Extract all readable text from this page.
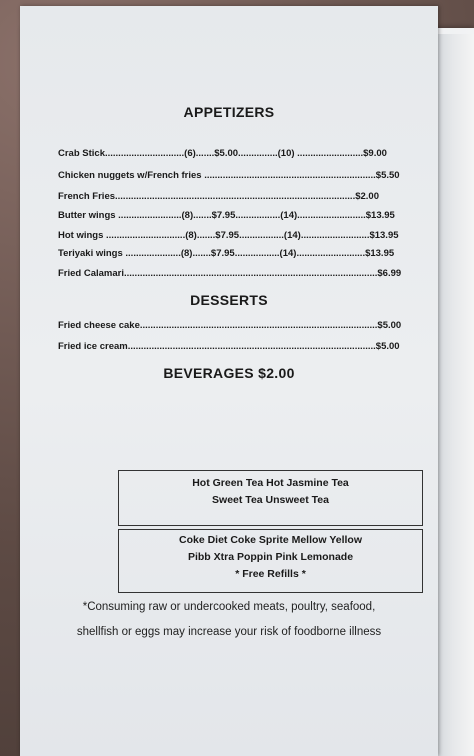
APPETIZERS
Crab Stick..............................(6).......$5.00...............(10) .........................$9.00
Chicken nuggets w/French fries .................................................................$5.50
French Fries...........................................................................................$2.00
Butter wings ........................(8).......$7.95.................(14)..........................$13.95
Hot wings ..............................(8).......$7.95.................(14)..........................$13.95
Teriyaki wings .....................(8).......$7.95.................(14)..........................$13.95
Fried Calamari................................................................................................$6.99
DESSERTS
Fried cheese cake..........................................................................................$5.00
Fried ice cream..............................................................................................$5.00
BEVERAGES $2.00
Hot Green Tea Hot Jasmine Tea
Sweet Tea Unsweet Tea
Coke Diet Coke Sprite Mellow Yellow
Pibb Xtra Poppin Pink Lemonade
* Free Refills *
*Consuming raw or undercooked meats, poultry, seafood,
shellfish or eggs may increase your risk of foodborne illness
